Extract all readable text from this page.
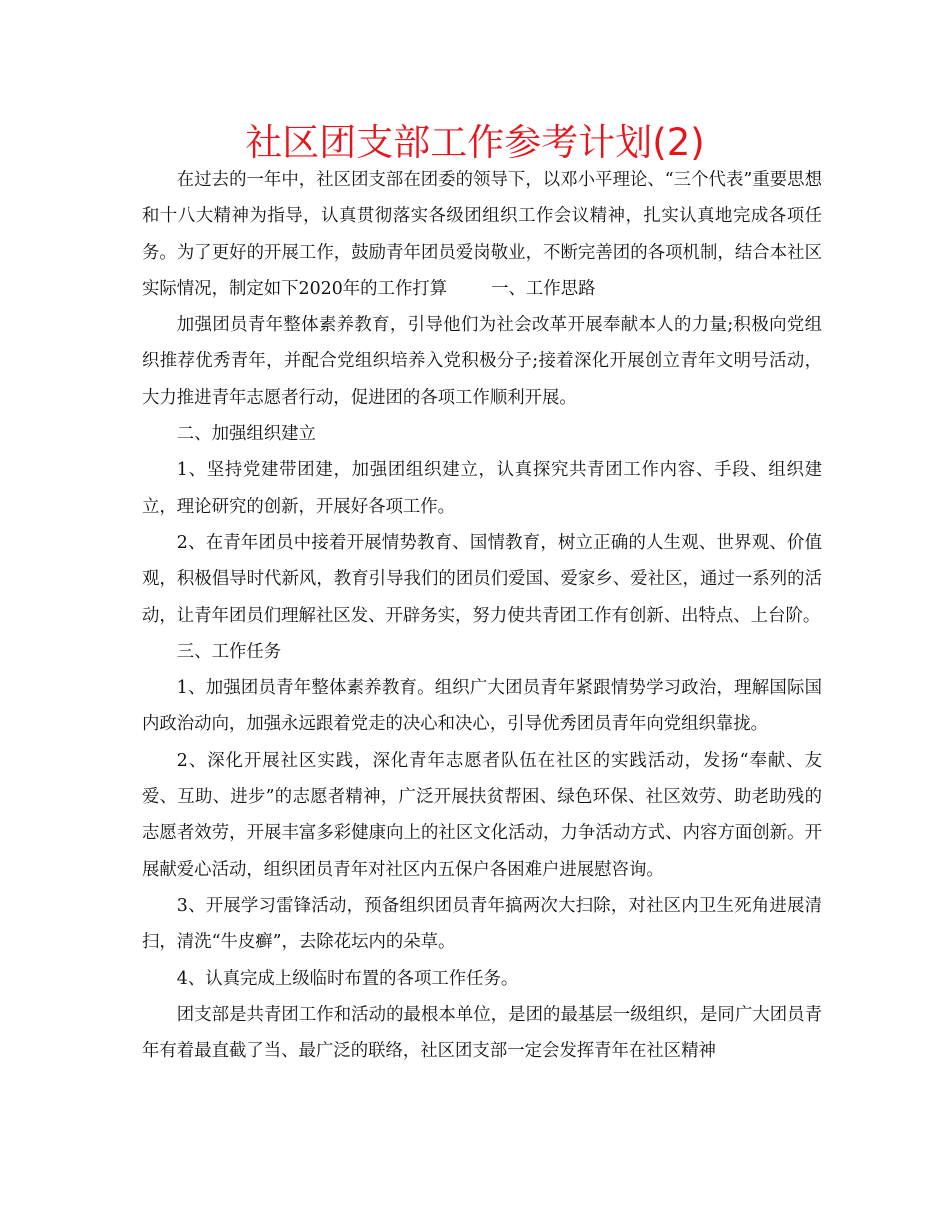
社区团支部工作参考计划(2)

在过去的一年中，社区团支部在团委的领导下，以邓小平理论、“三个代表”重要思想和十八大精神为指导，认真贯彻落实各级团组织工作会议精神，扎实认真地完成各项任务。为了更好的开展工作，鼓励青年团员爱岗敬业，不断完善团的各项机制，结合本社区实际情况，制定如下2020年的工作打算	一、工作思路

加强团员青年整体素养教育，引导他们为社会改革开展奉献本人的力量;积极向党组织推荐优秀青年，并配合党组织培养入党积极分子;接着深化开展创立青年文明号活动，大力推进青年志愿者行动，促进团的各项工作顺利开展。

二、加强组织建立

1、坚持党建带团建，加强团组织建立，认真探究共青团工作内容、手段、组织建立，理论研究的创新，开展好各项工作。

2、在青年团员中接着开展情势教育、国情教育，树立正确的人生观、世界观、价值观，积极倡导时代新风，教育引导我们的团员们爱国、爱家乡、爱社区，通过一系列的活动，让青年团员们理解社区发、开辟务实，努力使共青团工作有创新、出特点、上台阶。

三、工作任务

1、加强团员青年整体素养教育。组织广大团员青年紧跟情势学习政治，理解国际国内政治动向，加强永远跟着党走的决心和决心，引导优秀团员青年向党组织靠拢。

2、深化开展社区实践，深化青年志愿者队伍在社区的实践活动，发扬“奉献、友爱、互助、进步”的志愿者精神，广泛开展扶贫帮困、绿色环保、社区效劳、助老助残的志愿者效劳，开展丰富多彩健康向上的社区文化活动，力争活动方式、内容方面创新。开展献爱心活动，组织团员青年对社区内五保户各困难户进展慰咨询。

3、开展学习雷锋活动，预备组织团员青年搞两次大扫除，对社区内卫生死角进展清扫，清洗“牛皮癣”，去除花坛内的朵草。

4、认真完成上级临时布置的各项工作任务。

团支部是共青团工作和活动的最根本单位，是团的最基层一级组织，是同广大团员青年有着最直截了当、最广泛的联络，社区团支部一定会发挥青年在社区精神
